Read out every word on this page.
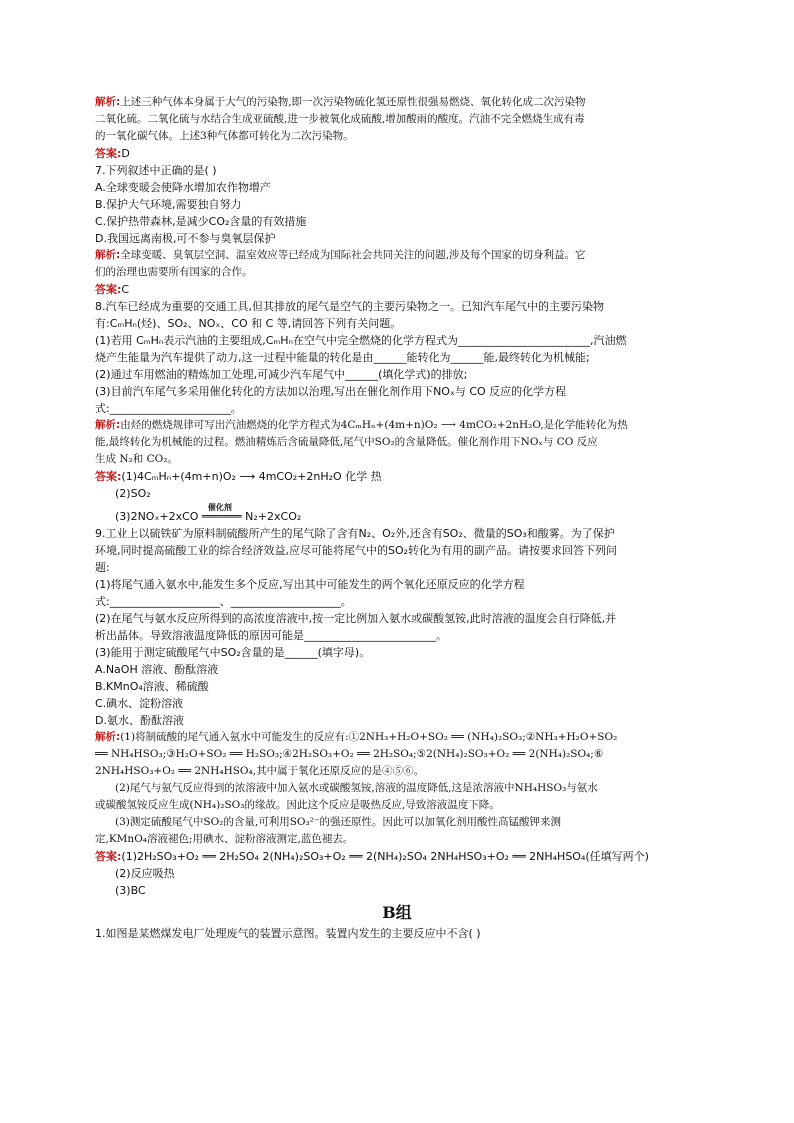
解析:上述三种气体本身属于大气的污染物,即一次污染物硫化氢还原性很强易燃烧、氧化转化成二次污染物
二氧化硫。二氧化硫与水结合生成亚硫酸,进一步被氧化成硫酸,增加酸雨的酸度。汽油不完全燃烧生成有毒
的一氧化碳气体。上述3种气体都可转化为二次污染物。
答案:D
7.下列叙述中正确的是( )
A.全球变暖会使降水增加农作物增产
B.保护大气环境,需要独自努力
C.保护热带森林,是减少CO₂含量的有效措施
D.我国远离南极,可不参与臭氧层保护
解析:全球变暖、臭氧层空洞、温室效应等已经成为国际社会共同关注的问题,涉及每个国家的切身利益。它
们的治理也需要所有国家的合作。
答案:C
8.汽车已经成为重要的交通工具,但其排放的尾气是空气的主要污染物之一。已知汽车尾气中的主要污染物
有:CₘHₙ(烃)、SO₂、NOₓ、CO 和 C 等,请回答下列有关问题。
(1)若用 CₘHₙ表示汽油的主要组成,CₘHₙ在空气中完全燃烧的化学方程式为________________________,汽油燃
烧产生能量为汽车提供了动力,这一过程中能量的转化是由______能转化为______能,最终转化为机械能;
(2)通过车用燃油的精炼加工处理,可减少汽车尾气中______(填化学式)的排放;
(3)目前汽车尾气多采用催化转化的方法加以治理,写出在催化剂作用下NOₓ与 CO 反应的化学方程
式:______________________。
解析:由烃的燃烧规律可写出汽油燃烧的化学方程式为4CₘHₙ+(4m+n)O₂ ⟶ 4mCO₂+2nH₂O,是化学能转化为热
能,最终转化为机械能的过程。燃油精炼后含硫量降低,尾气中SO₂的含量降低。催化剂作用下NOₓ与 CO 反应
生成 N₂和 CO₂。
答案:(1)4CₘHₙ+(4m+n)O₂ ⟶ 4mCO₂+2nH₂O 化学 热
(2)SO₂
(3)2NOₓ+2xCO
催化剂
══════ N₂+2xCO₂
9.工业上以硫铁矿为原料制硫酸所产生的尾气除了含有N₂、O₂外,还含有SO₂、微量的SO₃和酸雾。为了保护
环境,同时提高硫酸工业的综合经济效益,应尽可能将尾气中的SO₂转化为有用的副产品。请按要求回答下列问
题:
(1)将尾气通入氨水中,能发生多个反应,写出其中可能发生的两个氧化还原反应的化学方程
式:____________________、____________________。
(2)在尾气与氨水反应所得到的高浓度溶液中,按一定比例加入氨水或碳酸氢铵,此时溶液的温度会自行降低,并
析出晶体。导致溶液温度降低的原因可能是________________________。
(3)能用于测定硫酸尾气中SO₂含量的是______(填字母)。
A.NaOH 溶液、酚酞溶液
B.KMnO₄溶液、稀硫酸
C.碘水、淀粉溶液
D.氨水、酚酞溶液
解析:(1)将制硫酸的尾气通入氨水中可能发生的反应有:①2NH₃+H₂O+SO₂ ══ (NH₄)₂SO₃;②NH₃+H₂O+SO₂
══ NH₄HSO₃;③H₂O+SO₂ ══ H₂SO₃;④2H₂SO₃+O₂ ══ 2H₂SO₄;⑤2(NH₄)₂SO₃+O₂ ══ 2(NH₄)₂SO₄;⑥
2NH₄HSO₃+O₂ ══ 2NH₄HSO₄,其中属于氧化还原反应的是④⑤⑥。
(2)尾气与氨气反应得到的浓溶液中加入氨水或碳酸氢铵,溶液的温度降低,这是浓溶液中NH₄HSO₃与氨水
或碳酸氢铵反应生成(NH₄)₂SO₃的缘故。因此这个反应是吸热反应,导致溶液温度下降。
(3)测定硫酸尾气中SO₂的含量,可利用SO₃²⁻的强还原性。因此可以加氧化剂用酸性高锰酸钾来测
定,KMnO₄溶液褪色;用碘水、淀粉溶液测定,蓝色褪去。
答案:(1)2H₂SO₃+O₂ ══ 2H₂SO₄ 2(NH₄)₂SO₃+O₂ ══ 2(NH₄)₂SO₄ 2NH₄HSO₃+O₂ ══ 2NH₄HSO₄(任填写两个)
(2)反应吸热
(3)BC
B组
1.如图是某燃煤发电厂处理废气的装置示意图。装置内发生的主要反应中不含( )
